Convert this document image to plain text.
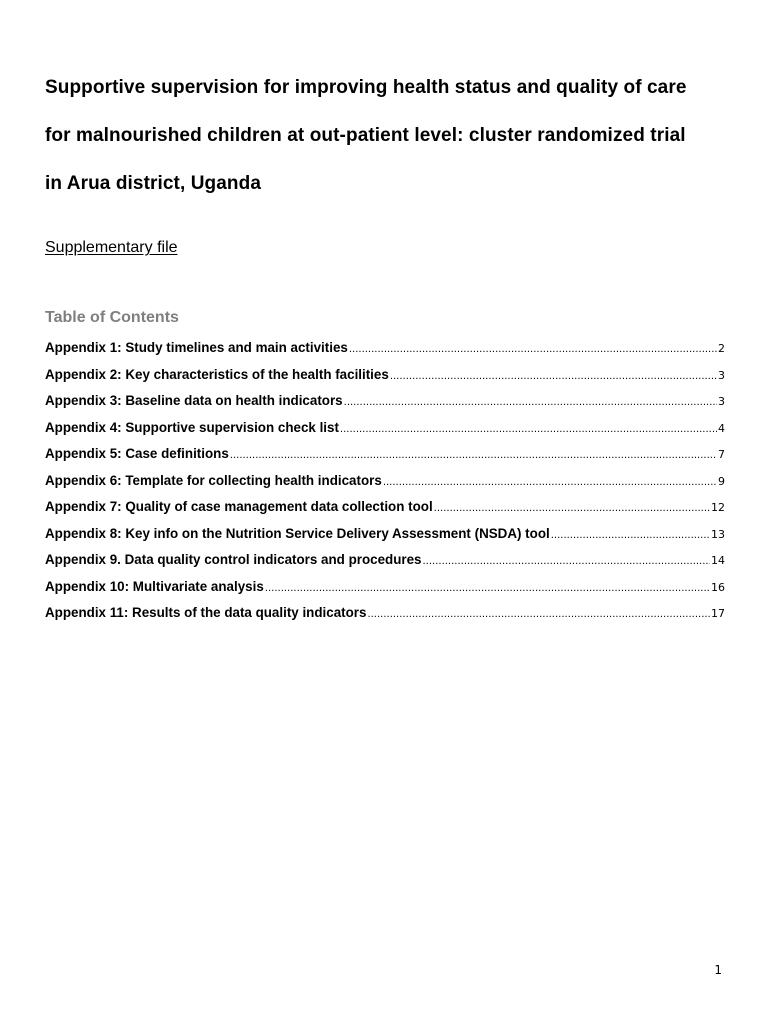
Supportive supervision for improving health status and quality of care
for malnourished children at out-patient level: cluster randomized trial
in Arua district, Uganda
Supplementary file
Table of Contents
Appendix 1: Study timelines and main activities .....	2
Appendix 2: Key characteristics of the health facilities .....	3
Appendix 3: Baseline data on health indicators .....	3
Appendix 4: Supportive supervision check list .....	4
Appendix 5: Case definitions .....	7
Appendix 6: Template for collecting health indicators .....	9
Appendix 7: Quality of case management data collection tool .....	12
Appendix 8: Key info on the Nutrition Service Delivery Assessment (NSDA) tool .....	13
Appendix 9. Data quality control indicators and procedures .....	14
Appendix 10: Multivariate analysis .....	16
Appendix 11: Results of the data quality indicators .....	17
1
